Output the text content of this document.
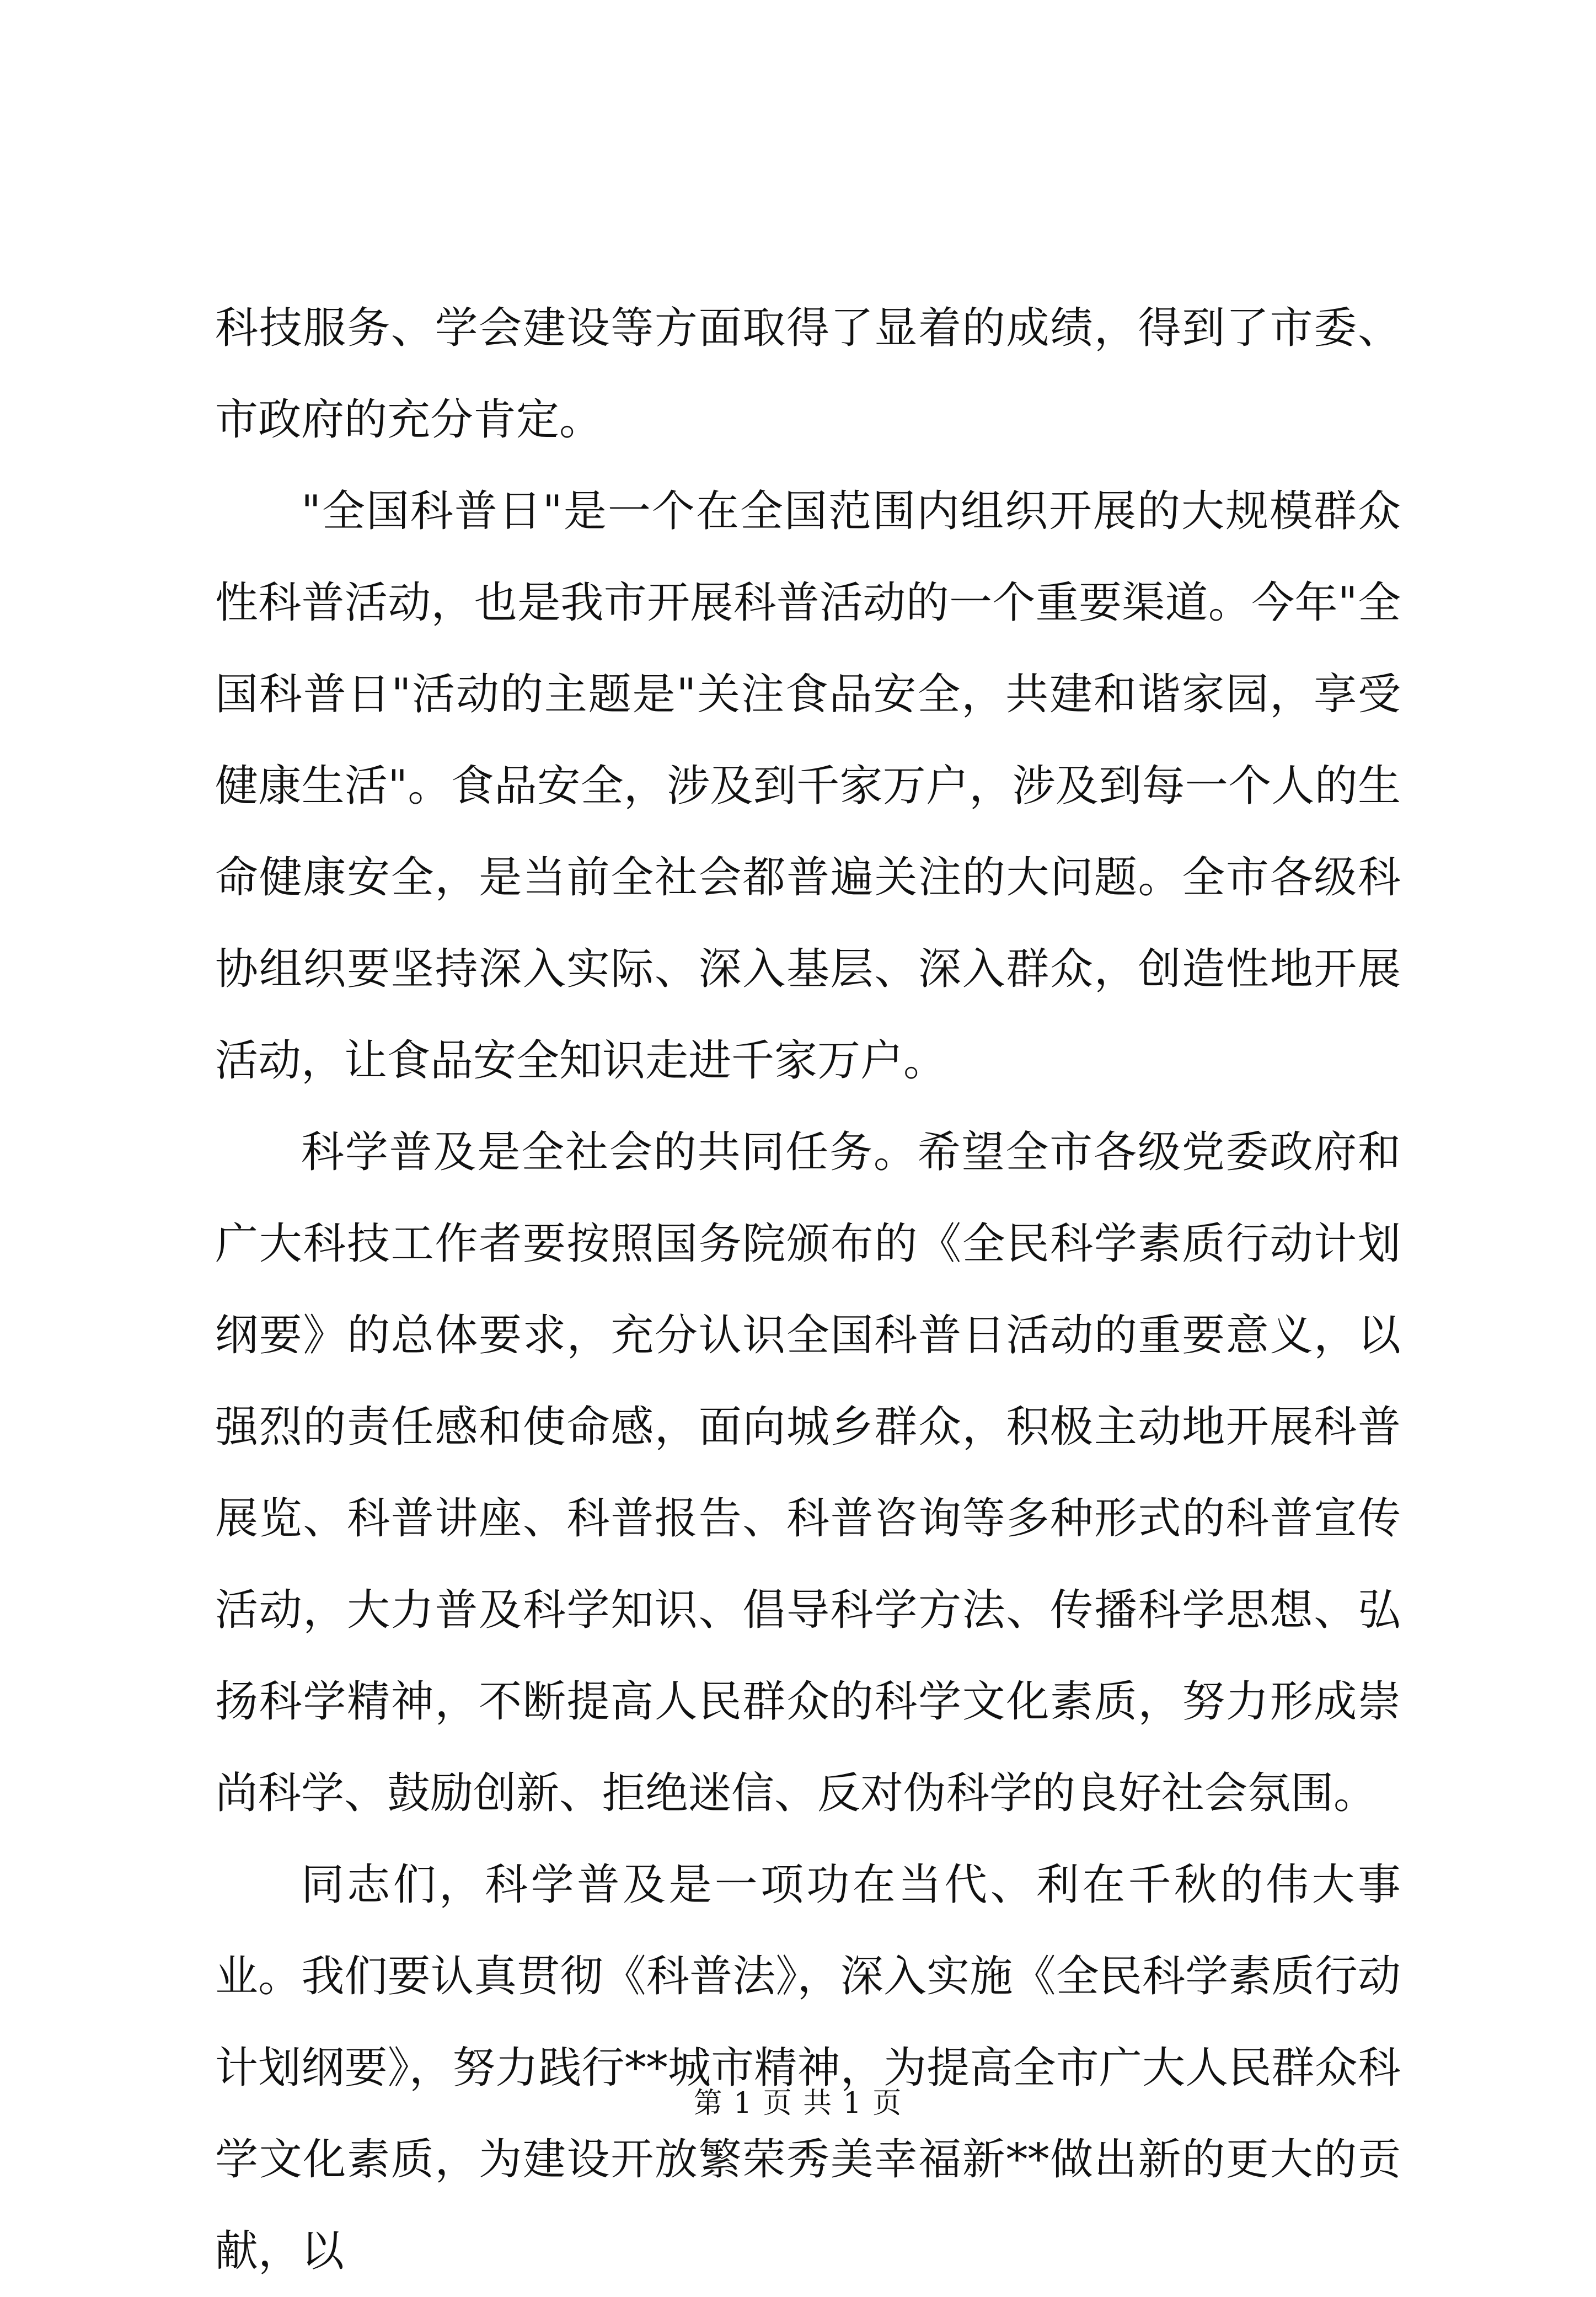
科技服务、学会建设等方面取得了显着的成绩，得到了市委、市政府的充分肯定。

"全国科普日"是一个在全国范围内组织开展的大规模群众性科普活动，也是我市开展科普活动的一个重要渠道。今年"全国科普日"活动的主题是"关注食品安全，共建和谐家园，享受健康生活"。食品安全，涉及到千家万户，涉及到每一个人的生命健康安全，是当前全社会都普遍关注的大问题。全市各级科协组织要坚持深入实际、深入基层、深入群众，创造性地开展活动，让食品安全知识走进千家万户。

科学普及是全社会的共同任务。希望全市各级党委政府和广大科技工作者要按照国务院颁布的《全民科学素质行动计划纲要》的总体要求，充分认识全国科普日活动的重要意义，以强烈的责任感和使命感，面向城乡群众，积极主动地开展科普展览、科普讲座、科普报告、科普咨询等多种形式的科普宣传活动，大力普及科学知识、倡导科学方法、传播科学思想、弘扬科学精神，不断提高人民群众的科学文化素质，努力形成崇尚科学、鼓励创新、拒绝迷信、反对伪科学的良好社会氛围。

同志们，科学普及是一项功在当代、利在千秋的伟大事业。我们要认真贯彻《科普法》，深入实施《全民科学素质行动计划纲要》，努力践行**城市精神，为提高全市广大人民群众科学文化素质，为建设开放繁荣秀美幸福新**做出新的更大的贡献，以

第 1 页 共 1 页
